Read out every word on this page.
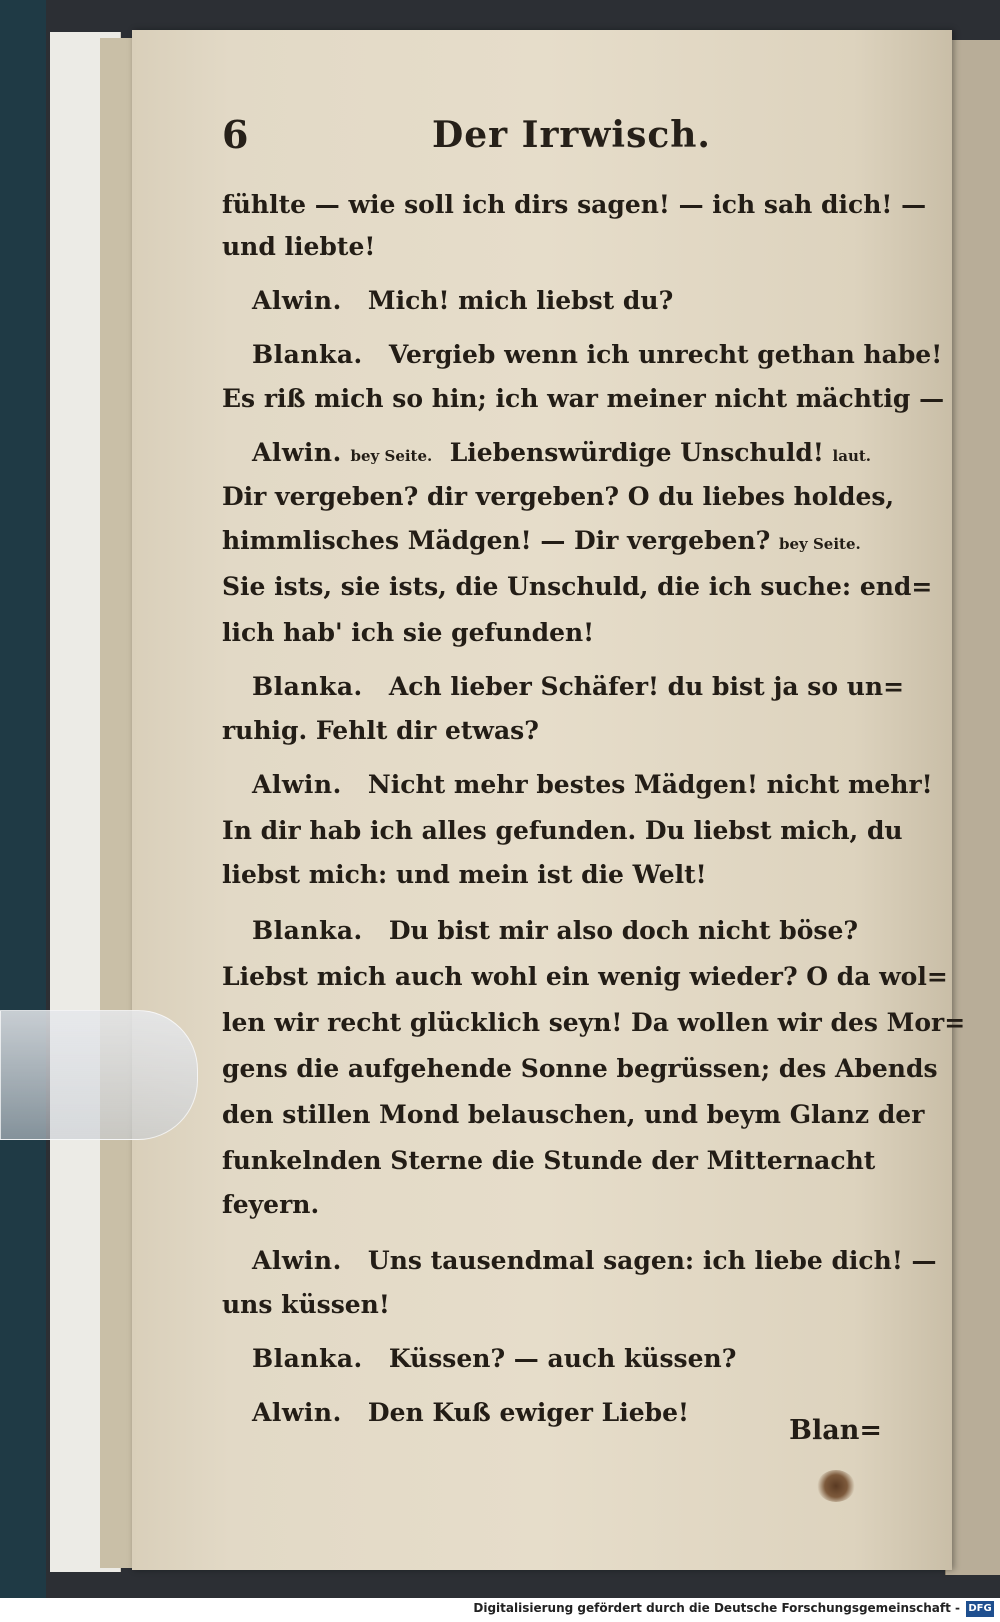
6	Der Irrwisch.
fühlte — wie soll ich dirs sagen! — ich sah dich! —
und liebte!
Alwin. Mich! mich liebst du?
Blanka. Vergieb wenn ich unrecht gethan habe!
Es riß mich so hin; ich war meiner nicht mächtig —
Alwin. bey Seite. Liebenswürdige Unschuld! laut.
Dir vergeben? dir vergeben? O du liebes holdes,
himmlisches Mädgen! — Dir vergeben? bey Seite.
Sie ists, sie ists, die Unschuld, die ich suche: end=
lich hab' ich sie gefunden!
Blanka. Ach lieber Schäfer! du bist ja so un=
ruhig. Fehlt dir etwas?
Alwin. Nicht mehr bestes Mädgen! nicht mehr!
In dir hab ich alles gefunden. Du liebst mich, du
liebst mich: und mein ist die Welt!
Blanka. Du bist mir also doch nicht böse?
Liebst mich auch wohl ein wenig wieder? O da wol=
len wir recht glücklich seyn! Da wollen wir des Mor=
gens die aufgehende Sonne begrüssen; des Abends
den stillen Mond belauschen, und beym Glanz der
funkelnden Sterne die Stunde der Mitternacht
feyern.
Alwin. Uns tausendmal sagen: ich liebe dich! —
uns küssen!
Blanka. Küssen? — auch küssen?
Alwin. Den Kuß ewiger Liebe!
Blan=
Digitalisierung gefördert durch die Deutsche Forschungsgemeinschaft - DFG
